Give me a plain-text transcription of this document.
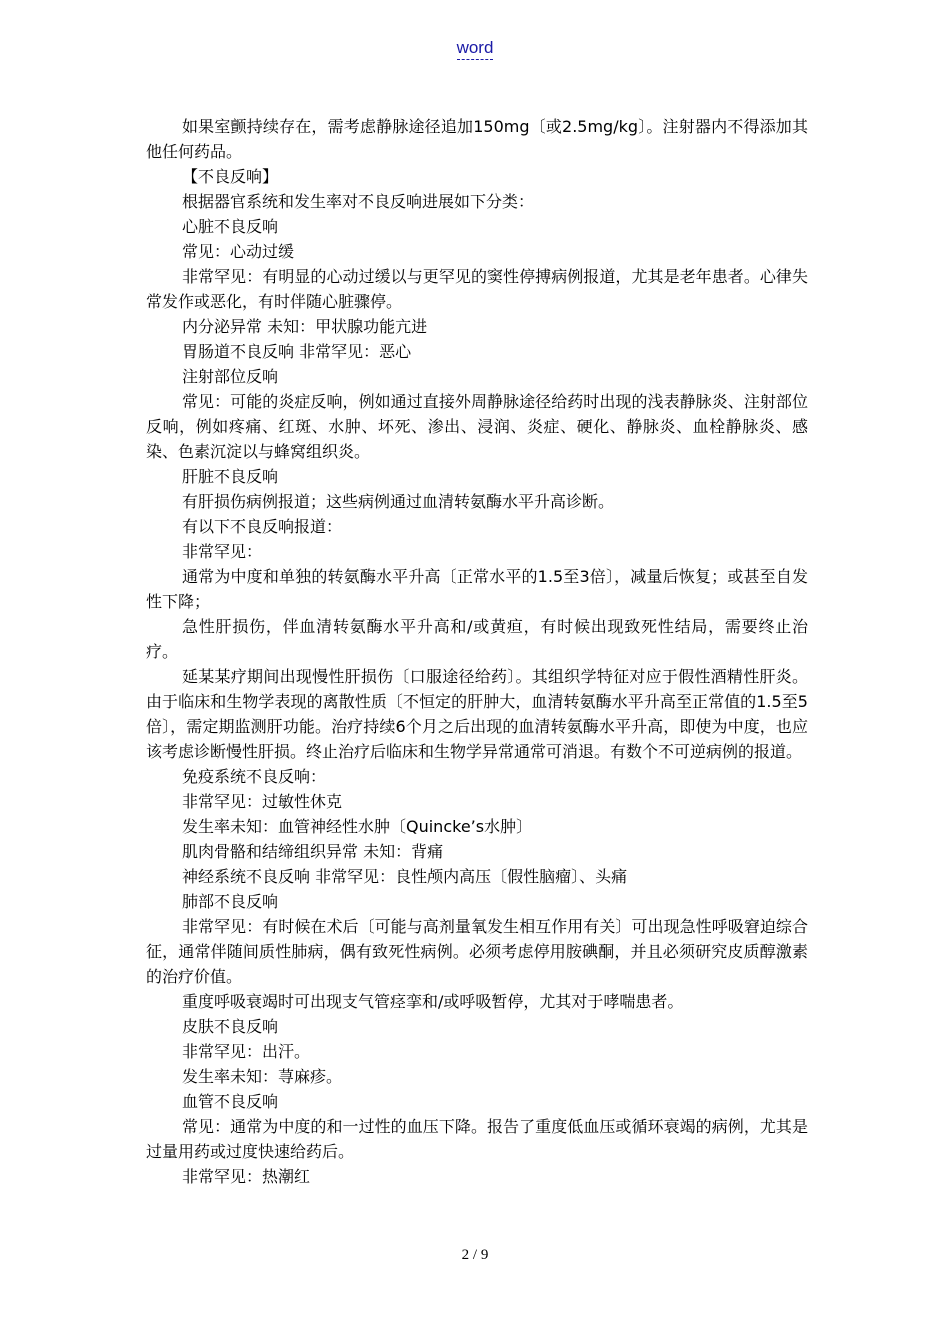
word

如果室颤持续存在，需考虑静脉途径追加150mg〔或2.5mg/kg〕。注射器内不得添加其他任何药品。

【不良反响】

根据器官系统和发生率对不良反响进展如下分类：

心脏不良反响

常见：心动过缓

非常罕见：有明显的心动过缓以与更罕见的窦性停搏病例报道，尤其是老年患者。心律失常发作或恶化，有时伴随心脏骤停。

内分泌异常 未知：甲状腺功能亢进

胃肠道不良反响 非常罕见：恶心

注射部位反响

常见：可能的炎症反响，例如通过直接外周静脉途径给药时出现的浅表静脉炎、注射部位反响，例如疼痛、红斑、水肿、坏死、渗出、浸润、炎症、硬化、静脉炎、血栓静脉炎、感染、色素沉淀以与蜂窝组织炎。

肝脏不良反响

有肝损伤病例报道；这些病例通过血清转氨酶水平升高诊断。

有以下不良反响报道：

非常罕见：

通常为中度和单独的转氨酶水平升高〔正常水平的1.5至3倍〕，减量后恢复；或甚至自发性下降；

急性肝损伤，伴血清转氨酶水平升高和/或黄疸，有时候出现致死性结局，需要终止治疗。

延某某疗期间出现慢性肝损伤〔口服途径给药〕。其组织学特征对应于假性酒精性肝炎。由于临床和生物学表现的离散性质〔不恒定的肝肿大，血清转氨酶水平升高至正常值的1.5至5倍〕，需定期监测肝功能。治疗持续6个月之后出现的血清转氨酶水平升高，即使为中度，也应该考虑诊断慢性肝损。终止治疗后临床和生物学异常通常可消退。有数个不可逆病例的报道。

免疫系统不良反响：

非常罕见：过敏性休克

发生率未知：血管神经性水肿〔Quincke’s水肿〕

肌肉骨骼和结缔组织异常 未知：背痛

神经系统不良反响 非常罕见：良性颅内高压〔假性脑瘤〕、头痛

肺部不良反响

非常罕见：有时候在术后〔可能与高剂量氧发生相互作用有关〕可出现急性呼吸窘迫综合征，通常伴随间质性肺病，偶有致死性病例。必须考虑停用胺碘酮，并且必须研究皮质醇激素的治疗价值。

重度呼吸衰竭时可出现支气管痉挛和/或呼吸暂停，尤其对于哮喘患者。

皮肤不良反响

非常罕见：出汗。

发生率未知：荨麻疹。

血管不良反响

常见：通常为中度的和一过性的血压下降。报告了重度低血压或循环衰竭的病例，尤其是过量用药或过度快速给药后。

非常罕见：热潮红

2 / 9
